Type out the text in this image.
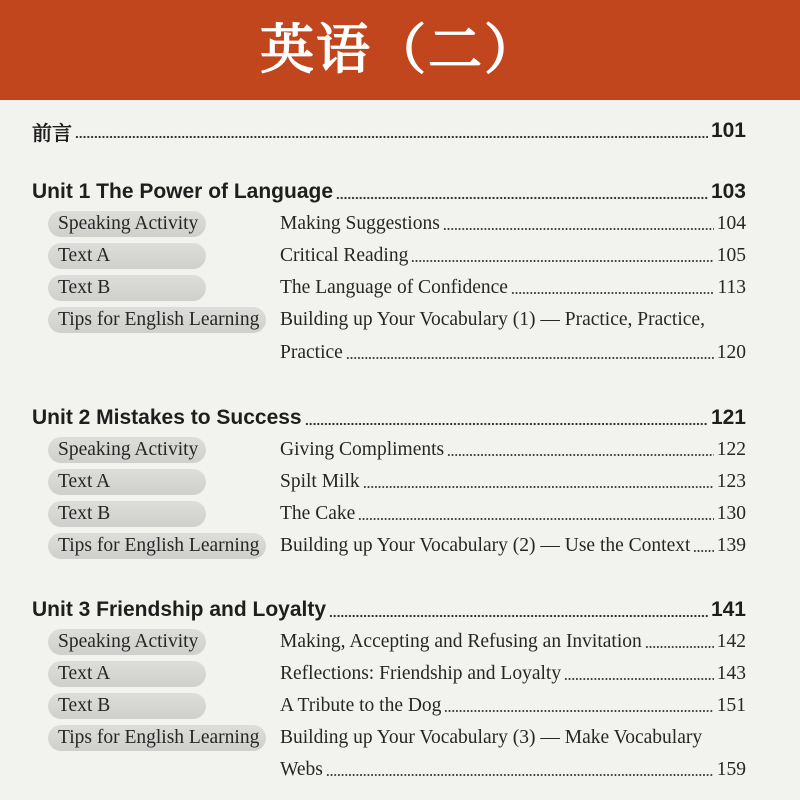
英语（二）
前言	101
Unit 1 The Power of Language	103
Speaking Activity	Making Suggestions	104
Text A	Critical Reading	105
Text B	The Language of Confidence	113
Tips for English Learning	Building up Your Vocabulary (1) — Practice, Practice,
Practice	120
Unit 2 Mistakes to Success	121
Speaking Activity	Giving Compliments	122
Text A	Spilt Milk	123
Text B	The Cake	130
Tips for English Learning	Building up Your Vocabulary (2) — Use the Context 139
Unit 3 Friendship and Loyalty	141
Speaking Activity	Making, Accepting and Refusing an Invitation	142
Text A	Reflections: Friendship and Loyalty	143
Text B	A Tribute to the Dog	151
Tips for English Learning	Building up Your Vocabulary (3) — Make Vocabulary
Webs	159
